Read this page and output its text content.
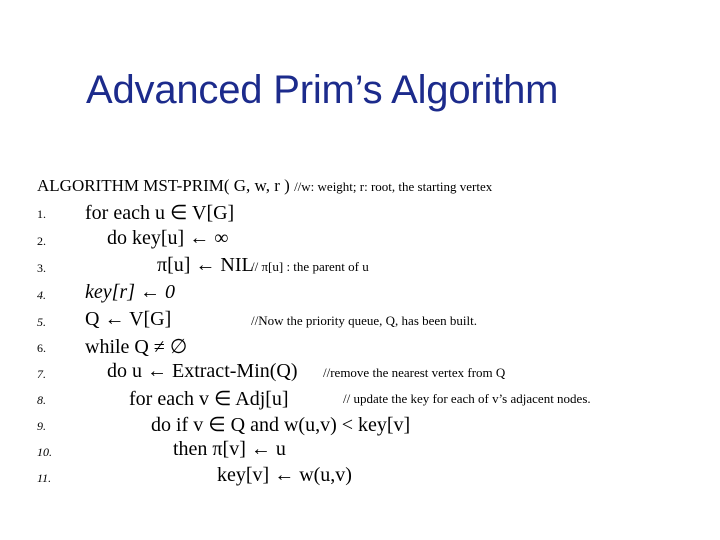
Advanced Prim’s Algorithm
ALGORITHM MST-PRIM( G, w, r ) //w: weight; r: root, the starting vertex
1. for each u ∈ V[G]
2.	do key[u] ← ∞
3.	π[u] ← NIL
// π[u] : the parent of u
4. key[r] ← 0
5. Q ← V[G]	//Now the priority queue, Q, has been built.
6. while Q ≠ ∅
7.	do u ← Extract-Min(Q) //remove the nearest vertex from Q
8.	for each v ∈ Adj[u]	// update the key for each of v’s adjacent nodes.
9.	do if v ∈ Q and w(u,v) < key[v]
10.	then π[v] ← u
11.	key[v] ← w(u,v)
